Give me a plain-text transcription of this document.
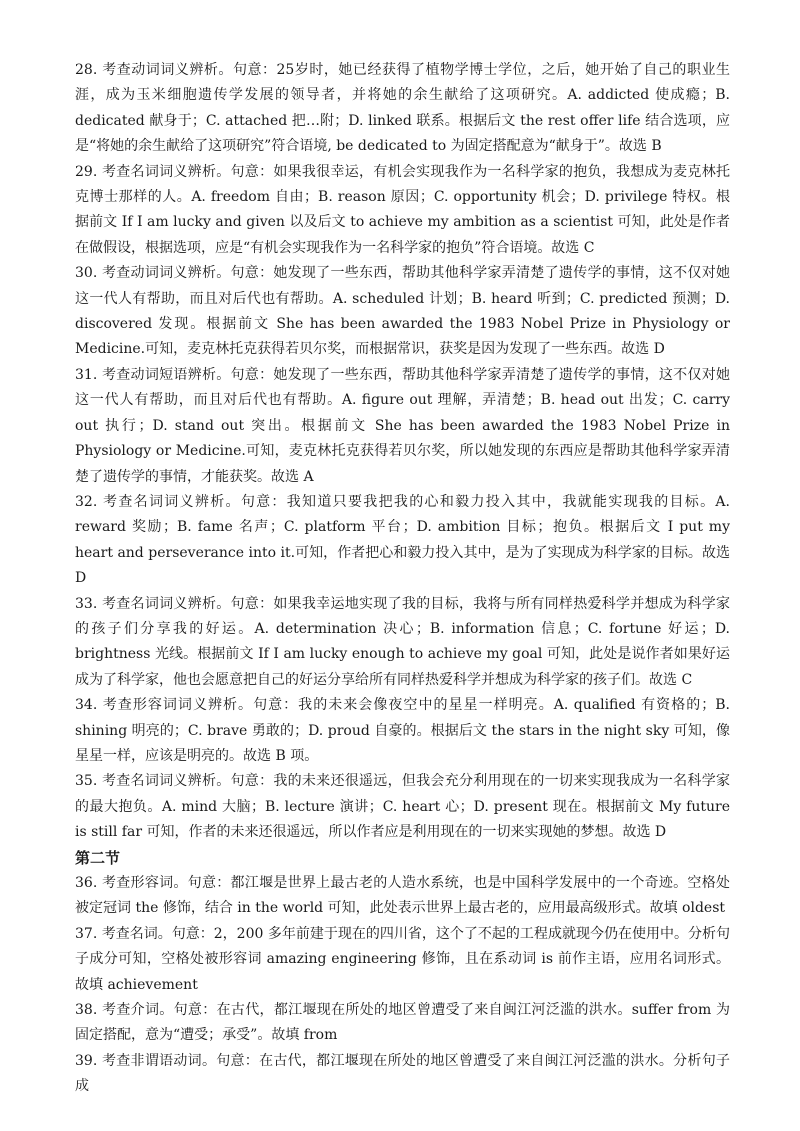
28. 考查动词词义辨析。句意：25岁时，她已经获得了植物学博士学位，之后，她开始了自己的职业生涯，成为玉米细胞遗传学发展的领导者，并将她的余生献给了这项研究。A. addicted 使成瘾；B. dedicated 献身于；C. attached 把…附；D. linked 联系。根据后文 the rest offer life 结合选项，应是“将她的余生献给了这项研究”符合语境, be dedicated to 为固定搭配意为“献身于”。故选 B

29. 考查名词词义辨析。句意：如果我很幸运，有机会实现我作为一名科学家的抱负，我想成为麦克林托克博士那样的人。A. freedom 自由；B. reason 原因；C. opportunity 机会；D. privilege 特权。根据前文 If I am lucky and given 以及后文 to achieve my ambition as a scientist 可知，此处是作者在做假设，根据选项，应是“有机会实现我作为一名科学家的抱负”符合语境。故选 C

30. 考查动词词义辨析。句意：她发现了一些东西，帮助其他科学家弄清楚了遗传学的事情，这不仅对她这一代人有帮助，而且对后代也有帮助。A. scheduled 计划；B. heard 听到；C. predicted 预测；D. discovered 发现。根据前文 She has been awarded the 1983 Nobel Prize in Physiology or Medicine.可知，麦克林托克获得若贝尔奖，而根据常识，获奖是因为发现了一些东西。故选 D

31. 考查动词短语辨析。句意：她发现了一些东西，帮助其他科学家弄清楚了遗传学的事情，这不仅对她这一代人有帮助，而且对后代也有帮助。A. figure out 理解，弄清楚；B. head out 出发；C. carry out 执行；D. stand out 突出。根据前文 She has been awarded the 1983 Nobel Prize in Physiology or Medicine.可知，麦克林托克获得若贝尔奖，所以她发现的东西应是帮助其他科学家弄清楚了遗传学的事情，才能获奖。故选 A

32. 考查名词词义辨析。句意：我知道只要我把我的心和毅力投入其中，我就能实现我的目标。A. reward 奖励；B. fame 名声；C. platform 平台；D. ambition 目标；抱负。根据后文 I put my heart and perseverance into it.可知，作者把心和毅力投入其中，是为了实现成为科学家的目标。故选 D

33. 考查名词词义辨析。句意：如果我幸运地实现了我的目标，我将与所有同样热爱科学并想成为科学家的孩子们分享我的好运。A. determination 决心；B. information 信息；C. fortune 好运；D. brightness 光线。根据前文 If I am lucky enough to achieve my goal 可知，此处是说作者如果好运成为了科学家，他也会愿意把自己的好运分享给所有同样热爱科学并想成为科学家的孩子们。故选 C

34. 考查形容词词义辨析。句意：我的未来会像夜空中的星星一样明亮。A. qualified 有资格的；B. shining 明亮的；C. brave 勇敢的；D. proud 自豪的。根据后文 the stars in the night sky 可知，像星星一样，应该是明亮的。故选 B 项。

35. 考查名词词义辨析。句意：我的未来还很遥远，但我会充分利用现在的一切来实现我成为一名科学家的最大抱负。A. mind 大脑；B. lecture 演讲；C. heart 心；D. present 现在。根据前文 My future is still far 可知，作者的未来还很遥远，所以作者应是利用现在的一切来实现她的梦想。故选 D

第二节

36. 考查形容词。句意：都江堰是世界上最古老的人造水系统，也是中国科学发展中的一个奇迹。空格处被定冠词 the 修饰，结合 in the world 可知，此处表示世界上最古老的，应用最高级形式。故填 oldest

37. 考查名词。句意：2，200 多年前建于现在的四川省，这个了不起的工程成就现今仍在使用中。分析句子成分可知，空格处被形容词 amazing engineering 修饰，且在系动词 is 前作主语，应用名词形式。故填 achievement

38. 考查介词。句意：在古代，都江堰现在所处的地区曾遭受了来自闽江河泛滥的洪水。suffer from 为固定搭配，意为“遭受；承受”。故填 from

39. 考查非谓语动词。句意：在古代，都江堰现在所处的地区曾遭受了来自闽江河泛滥的洪水。分析句子成
